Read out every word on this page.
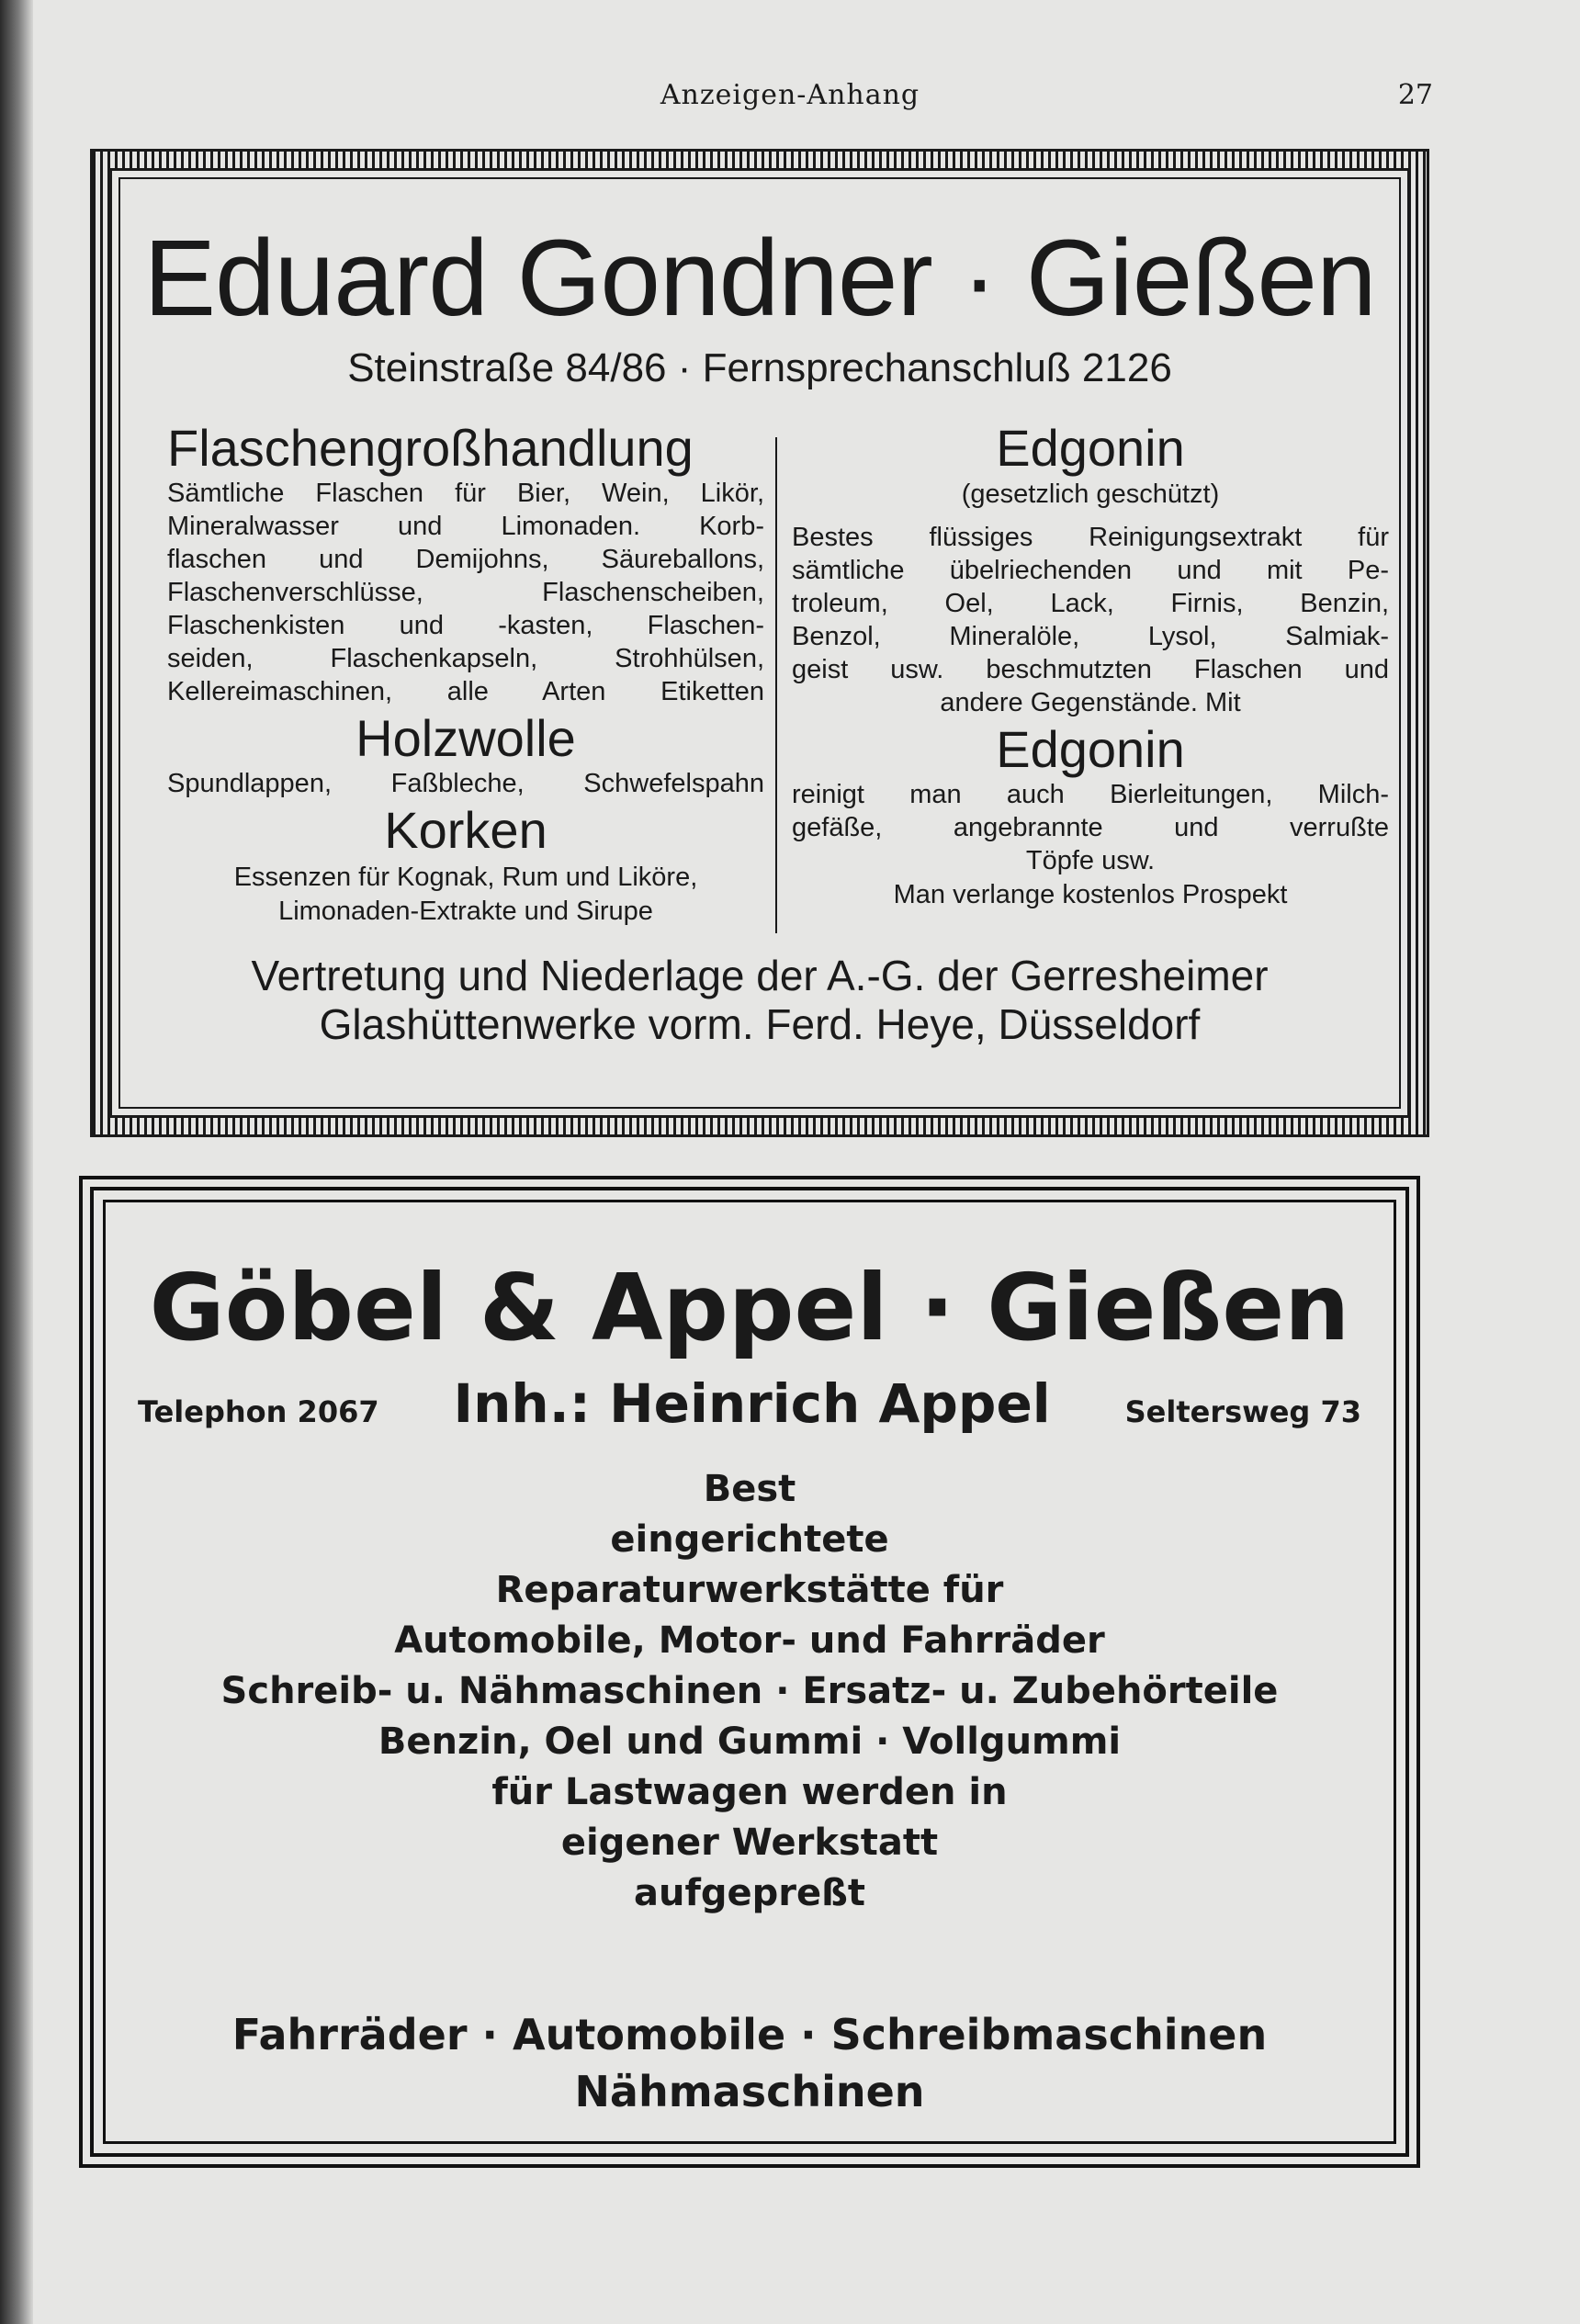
Anzeigen-Anhang	27
Eduard Gondner · Gießen
Steinstraße 84/86 · Fernsprechanschluß 2126

Flaschengroßhandlung

Sämtliche Flaschen für Bier, Wein, Likör,

Mineralwasser und Limonaden. Korb-

flaschen und Demijohns, Säureballons,

Flaschenverschlüsse, Flaschenscheiben,

Flaschenkisten und -kasten, Flaschen-

seiden, Flaschenkapseln, Strohhülsen,

Kellereimaschinen, alle Arten Etiketten

Holzwolle

Spundlappen, Faßbleche, Schwefelspahn

Korken

Essenzen für Kognak, Rum und Liköre,

Limonaden-Extrakte und Sirupe

Edgonin

(gesetzlich geschützt)

Bestes flüssiges Reinigungsextrakt für

sämtliche übelriechenden und mit Pe-

troleum, Oel, Lack, Firnis, Benzin,

Benzol, Mineralöle, Lysol, Salmiak-

geist usw. beschmutzten Flaschen und

andere Gegenstände. Mit

Edgonin

reinigt man auch Bierleitungen, Milch-

gefäße, angebrannte und verrußte

Töpfe usw.

Man verlange kostenlos Prospekt

Vertretung und Niederlage der A.-G. der Gerresheimer
Glashüttenwerke vorm. Ferd. Heye, Düsseldorf
Göbel & Appel · Gießen
Telephon 2067 Inh.: Heinrich Appel	Seltersweg 73
Best
eingerichtete
Reparaturwerkstätte für
Automobile, Motor- und Fahrräder
Schreib- u. Nähmaschinen · Ersatz- u. Zubehörteile
Benzin, Oel und Gummi · Vollgummi
für Lastwagen werden in
eigener Werkstatt
aufgepreßt
Fahrräder · Automobile · Schreibmaschinen
Nähmaschinen
